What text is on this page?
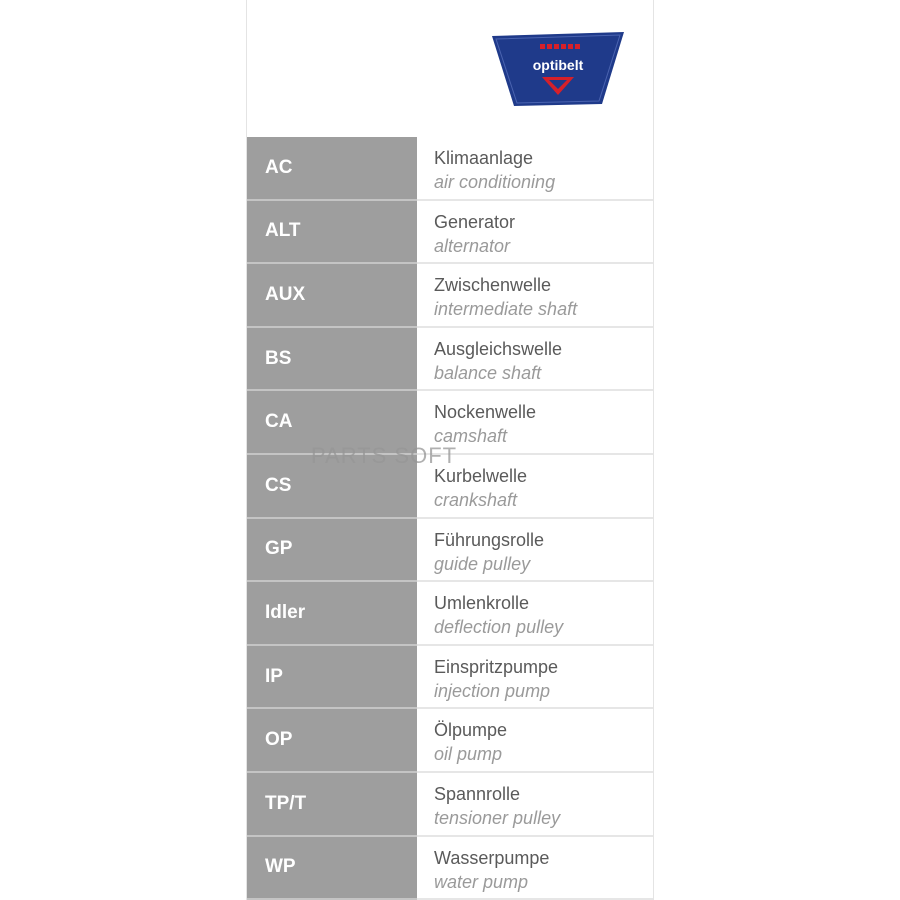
optibelt
AC	Klimaanlage
air conditioning
ALT	Generator
alternator
AUX	Zwischenwelle
intermediate shaft
BS	Ausgleichswelle
balance shaft
CA	Nockenwelle
camshaft
CS	Kurbelwelle
crankshaft
GP	Führungsrolle
guide pulley
Idler	Umlenkrolle
deflection pulley
IP	Einspritzpumpe
injection pump
OP	Ölpumpe
oil pump
TP/T	Spannrolle
tensioner pulley
WP	Wasserpumpe
water pump
PARTS SOFT
